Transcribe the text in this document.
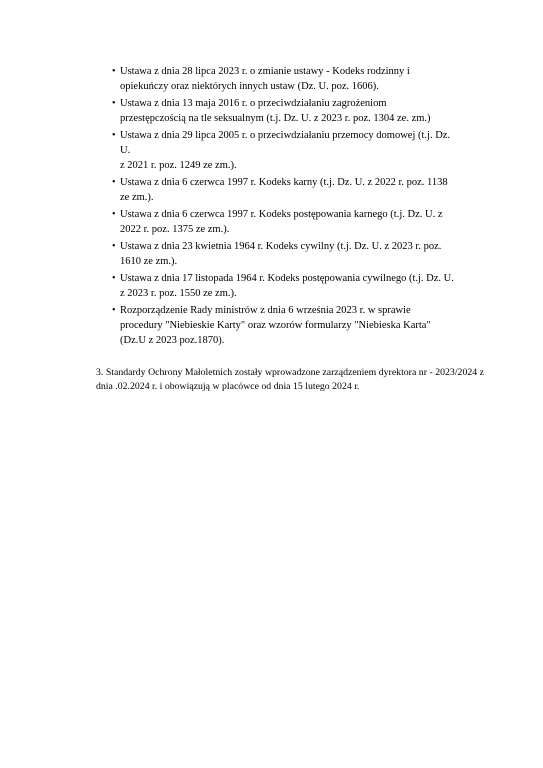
• Ustawa z dnia 28 lipca 2023 r. o zmianie ustawy - Kodeks rodzinny i
opiekuńczy oraz niektórych innych ustaw (Dz. U. poz. 1606).
• Ustawa z dnia 13 maja 2016 r. o przeciwdziałaniu zagrożeniom
przestępczością na tle seksualnym (t.j. Dz. U. z 2023 r. poz. 1304 ze. zm.)
• Ustawa z dnia 29 lipca 2005 r. o przeciwdziałaniu przemocy domowej (t.j. Dz.
U.
z 2021 r. poz. 1249 ze zm.).
• Ustawa z dnia 6 czerwca 1997 r. Kodeks karny (t.j. Dz. U. z 2022 r. poz. 1138
ze zm.).
• Ustawa z dnia 6 czerwca 1997 r. Kodeks postępowania karnego (t.j. Dz. U. z
2022 r. poz. 1375 ze zm.).
• Ustawa z dnia 23 kwietnia 1964 r. Kodeks cywilny (t.j. Dz. U. z 2023 r. poz.
1610 ze zm.).
• Ustawa z dnia 17 listopada 1964 r. Kodeks postępowania cywilnego (t.j. Dz. U.
z 2023 r. poz. 1550 ze zm.).
• Rozporządzenie Rady ministrów z dnia 6 września 2023 r. w sprawie
procedury "Niebieskie Karty" oraz wzorów formularzy "Niebieska Karta"
(Dz.U z 2023 poz.1870).

3. Standardy Ochrony Małoletnich zostały wprowadzone zarządzeniem dyrektora nr - 2023/2024 z dnia .02.2024 r. i obowiązują w placówce od dnia 15 lutego 2024 r.
